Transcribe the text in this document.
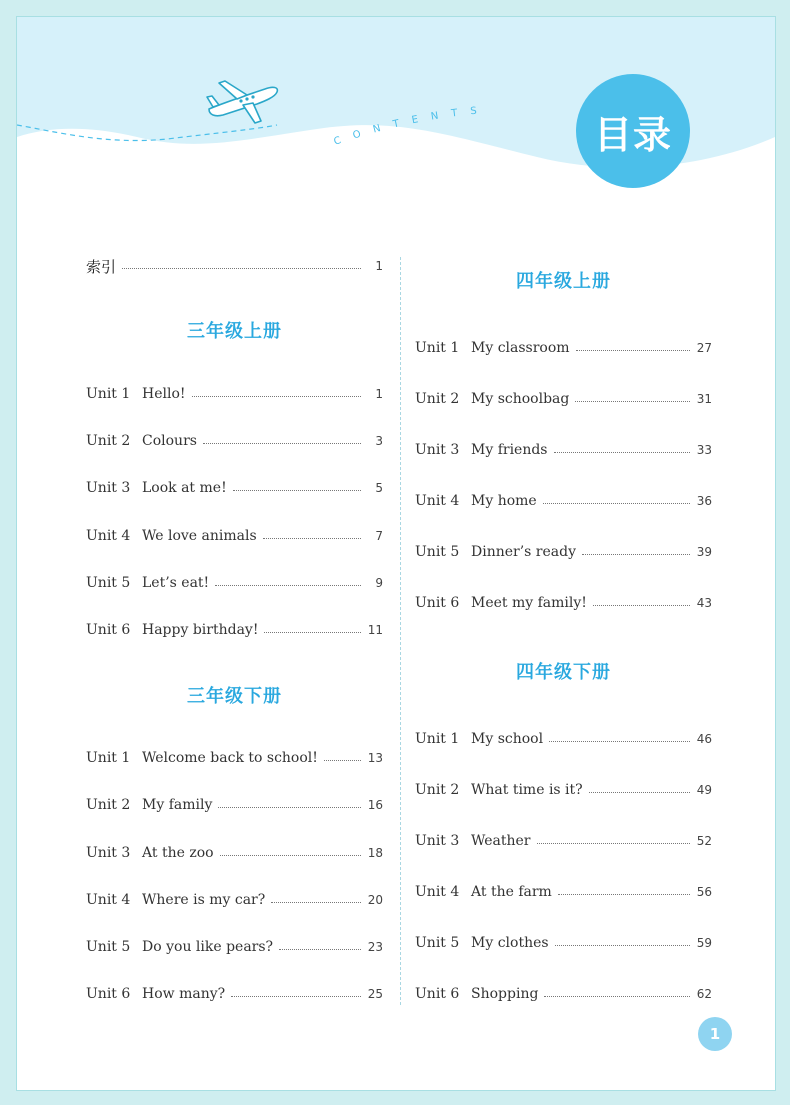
CONTENTS
目录
索引	1
三年级上册
Unit 1 Hello!	1
Unit 2 Colours	3
Unit 3 Look at me!	5
Unit 4 We love animals	7
Unit 5 Let’s eat!	9
Unit 6 Happy birthday!	11
三年级下册
Unit 1 Welcome back to school!	13
Unit 2 My family	16
Unit 3 At the zoo	18
Unit 4 Where is my car?	20
Unit 5 Do you like pears?	23
Unit 6 How many?	25
四年级上册
Unit 1 My classroom	27
Unit 2 My schoolbag	31
Unit 3 My friends	33
Unit 4 My home	36
Unit 5 Dinner’s ready	39
Unit 6 Meet my family!	43
四年级下册
Unit 1 My school	46
Unit 2 What time is it?	49
Unit 3 Weather	52
Unit 4 At the farm	56
Unit 5 My clothes	59
Unit 6 Shopping	62
1
